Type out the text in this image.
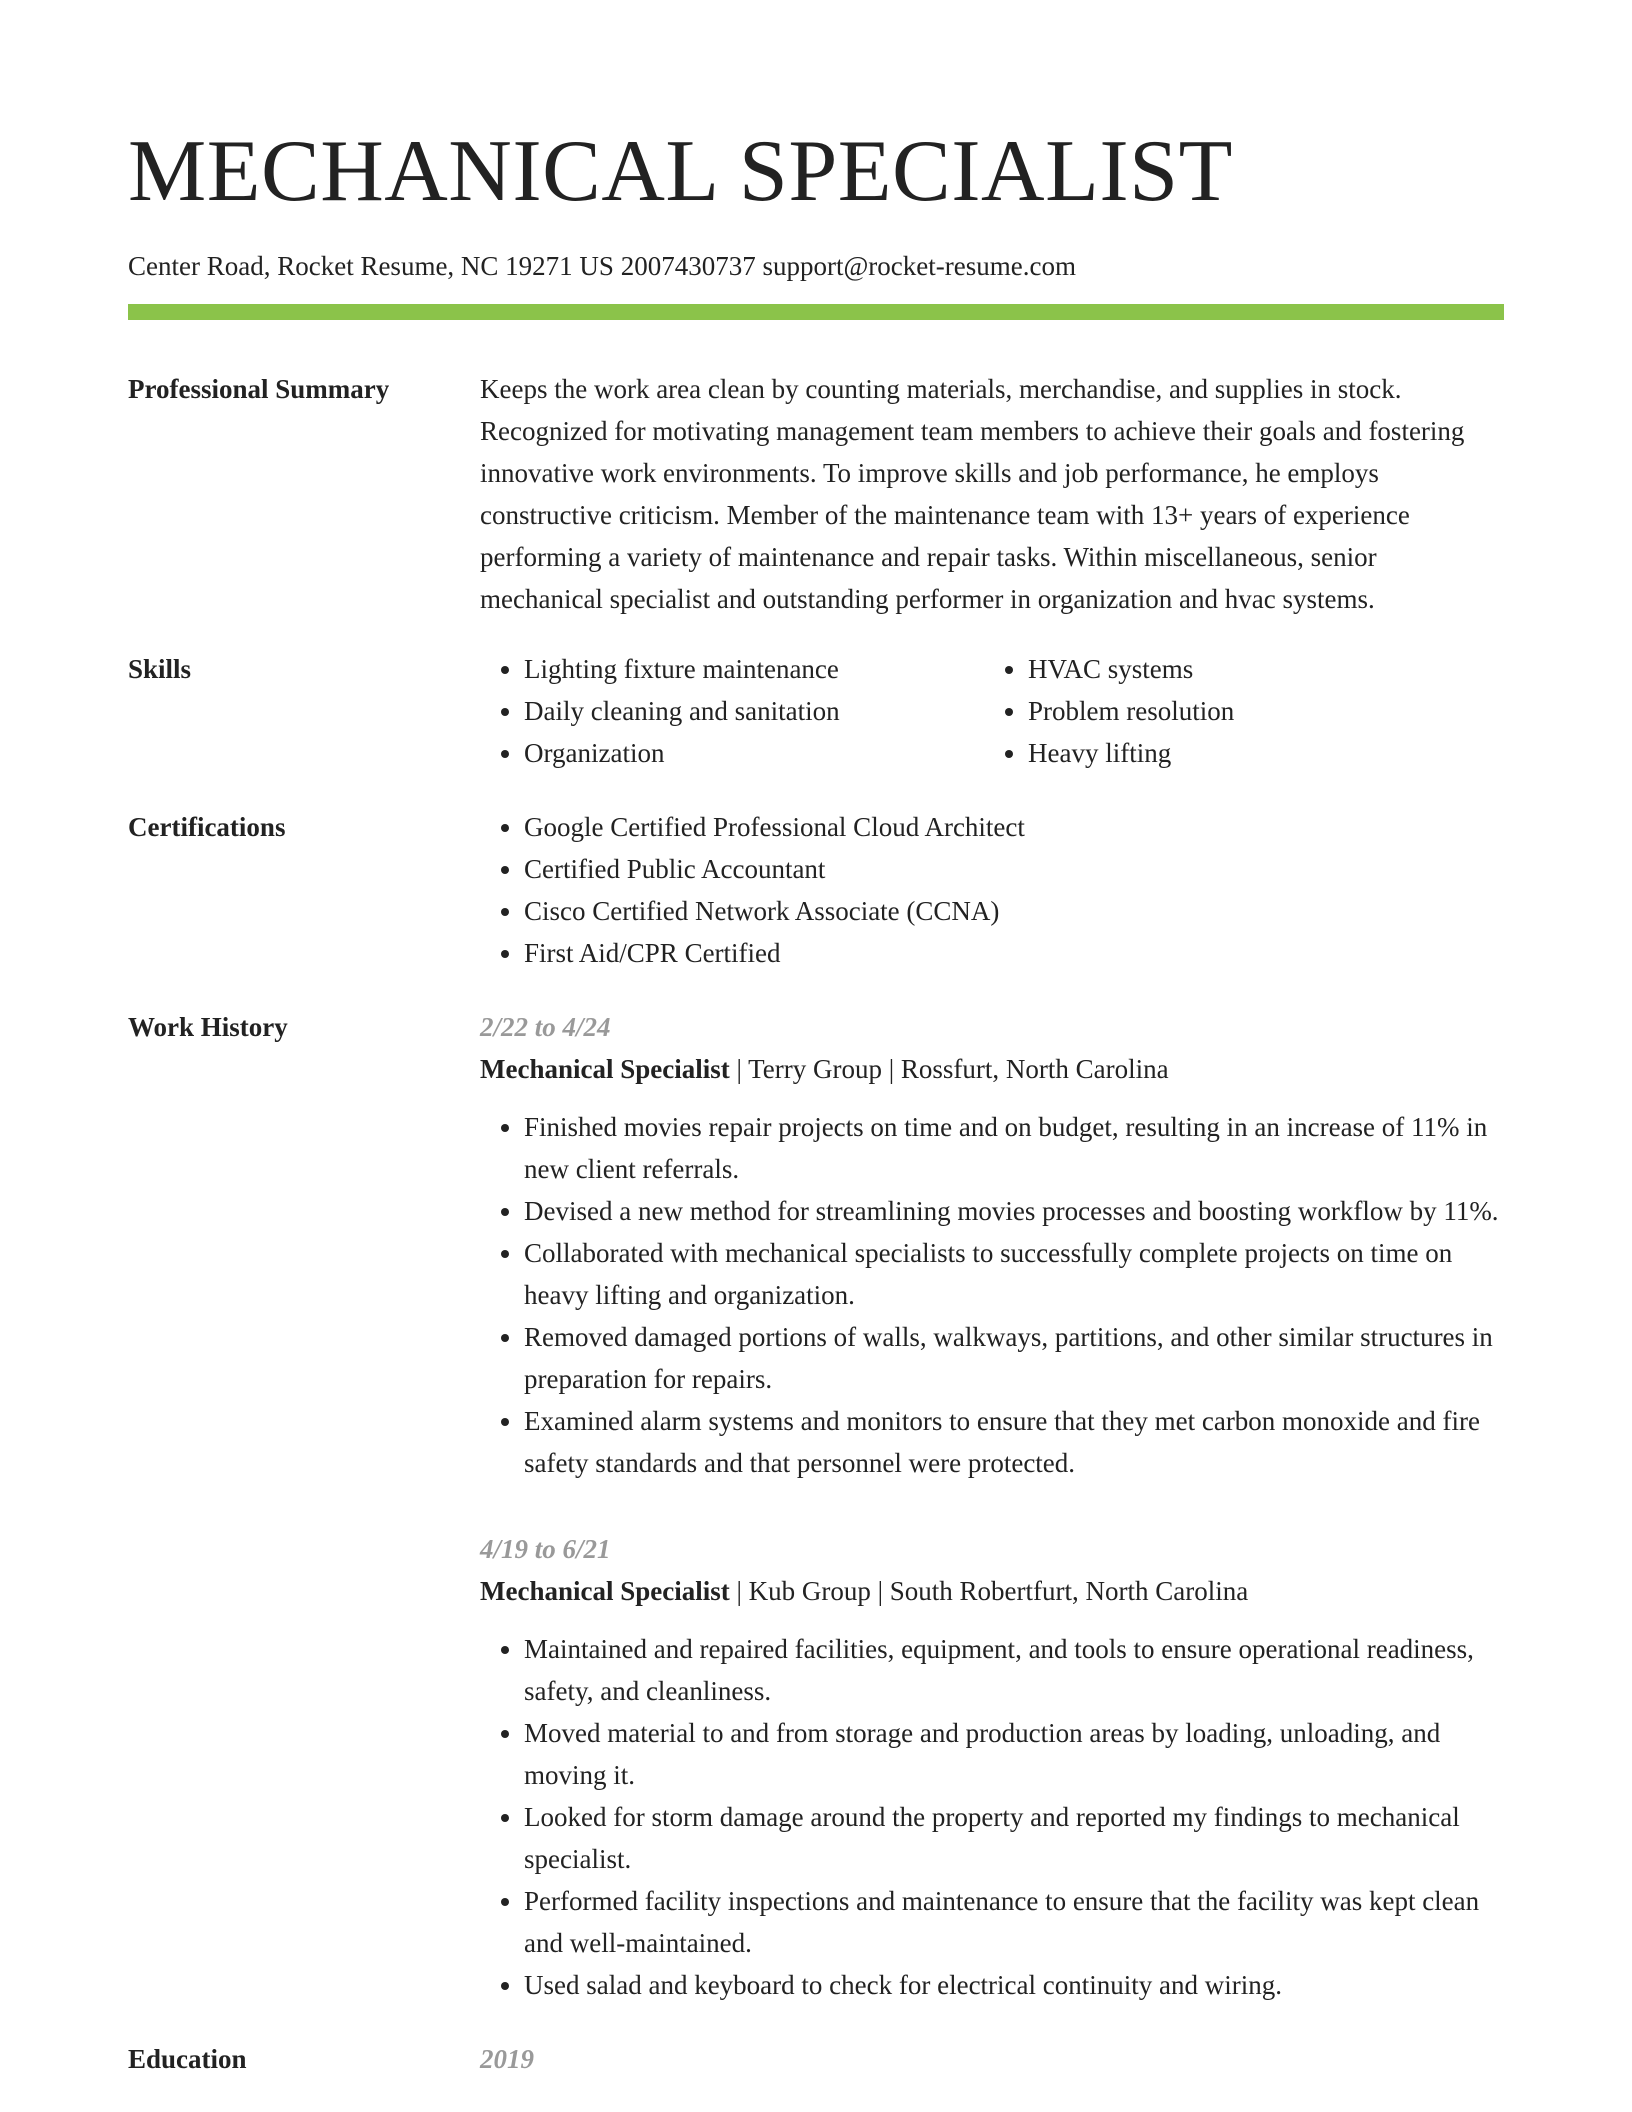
MECHANICAL SPECIALIST
Center Road, Rocket Resume, NC 19271 US 2007430737 support@rocket-resume.com
Professional Summary	Keeps the work area clean by counting materials, merchandise, and supplies in stock. Recognized for motivating management team members to achieve their goals and fostering innovative work environments. To improve skills and job performance, he employs constructive criticism. Member of the maintenance team with 13+ years of experience performing a variety of maintenance and repair tasks. Within miscellaneous, senior mechanical specialist and outstanding performer in organization and hvac systems.

Skills	• Lighting fixture maintenance
• Daily cleaning and sanitation
• Organization
• HVAC systems
• Problem resolution
• Heavy lifting
Certifications	• Google Certified Professional Cloud Architect
• Certified Public Accountant
• Cisco Certified Network Associate (CCNA)
• First Aid/CPR Certified
Work History	2/22 to 4/24
Mechanical Specialist | Terry Group | Rossfurt, North Carolina
• Finished movies repair projects on time and on budget, resulting in an increase of 11% in new client referrals.
• Devised a new method for streamlining movies processes and boosting workflow by 11%.
• Collaborated with mechanical specialists to successfully complete projects on time on heavy lifting and organization.
• Removed damaged portions of walls, walkways, partitions, and other similar structures in preparation for repairs.
• Examined alarm systems and monitors to ensure that they met carbon monoxide and fire safety standards and that personnel were protected.
4/19 to 6/21
Mechanical Specialist | Kub Group | South Robertfurt, North Carolina
• Maintained and repaired facilities, equipment, and tools to ensure operational readiness, safety, and cleanliness.
• Moved material to and from storage and production areas by loading, unloading, and moving it.
• Looked for storm damage around the property and reported my findings to mechanical specialist.
• Performed facility inspections and maintenance to ensure that the facility was kept clean and well-maintained.
• Used salad and keyboard to check for electrical continuity and wiring.
Education	2019
